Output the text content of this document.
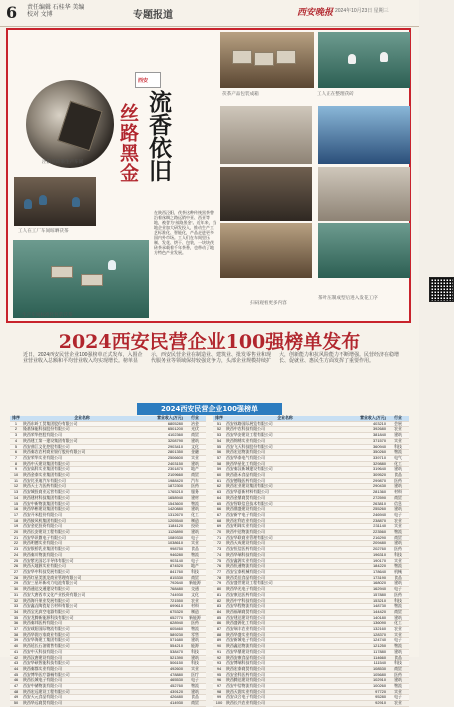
6 责任编辑 石桂华 美编
校对 文博	专题报道	西安晚报 2024年10月23日 星期三
泾阳茯砖茶生产车间
西安
丝路黑金 流香依旧
工人在工厂车间晾晒茯茶
生产车间标准化包装茯茶
在陕西泾阳，茯茶这种传统黑茶曾沿着丝绸之路远销中亚、西亚等地，被誉为“丝路黑金”。近年来，当地企业加大研发投入，推动生产工艺标准化、智能化，产品走进更多国内外市场。工人们在车间里压制、发花、烘干、包装，一块块茯砖茶承载着千年茶香，也带动了地方特色产业发展。
茯茶产品包装成箱	工人正在整理茯砖
扫码观看更多内容
茶叶压制成型后进入发花工序
2024西安民营企业100强榜单发布
近日，2024西安民营企业100强榜单正式发布，入围企业营业收入总额和平均营业收入均实现增长。榜单显示，西安民营企业在制造业、建筑业、批发零售业和现代服务业等领域保持较强竞争力，头部企业规模持续扩大，创新能力和抗风险能力不断增强。民营经济在稳增长、促就业、惠民生方面发挥了重要作用。
2024西安民营企业100强榜单
排序	企业名称	营业收入(万元)	行业
1	陕西东岭工贸集团股份有限公司	6805280	冶金
2	隆基绿能科技股份有限公司	6501200	光伏
3	陕西荣华控股有限公司	4102360	商贸
4	陕西建工第一建设集团有限公司	3208790	建筑
5	西安曲江文化控股有限公司	2903410	文化
6	陕西秦农农村商业银行股份有限公司	2801350	金融
7	西安荣华实业有限公司	2506600	实业
8	陕西中天建设集团有限公司	2403150	建筑
9	西安高科实业集团有限公司	2301870	地产
10	陕西金泰实业集团有限公司	2109660	商贸
11	西安比亚迪汽车有限公司	1988420	汽车
12	陕西天士力医药有限公司	1872300	医药
13	西安城投商业运营有限公司	1765210	服务
14	陕西建材科技集团有限公司	1658940	建材
15	西安中新物流集团有限公司	1543600	物流
16	陕西华彬建设集团有限公司	1420880	建筑
17	西安开米股份有限公司	1312670	化工
18	陕西鼓风机集团有限公司	1205540	制造
19	西安金花投资有限公司	1184120	投资
20	陕西长安建设工程有限公司	1126890	建筑
21	西安华讯微电子有限公司	1089330	电子
22	陕西明德实业有限公司	1038610	实业
23	西安银桥乳业集团有限公司	998750	食品
24	陕西秦川物流有限公司	946280	物流
25	西安紫光国芯半导体有限公司	903140	电子
26	陕西天地源实业有限公司	874520	地产
27	西安华中科技发展有限公司	841760	科技
28	陕西红星美凯龙商业管理有限公司	815330	商贸
29	西安三星环新动力电池有限公司	792640	新能源
30	陕西通达交通建设有限公司	768480	交通
31	西安大唐西市文化产业投资有限公司	744930	文化
32	陕西海升果业发展有限公司	721550	农业
33	西安鑫垚陶瓷复合材料有限公司	699610	材料
34	陕西宝光真空电器有限公司	675320	制造
35	西安龙腾新能源科技有限公司	652770	新能源
36	陕西秦邦医药有限公司	628940	医药
37	西安咸阳国际物流有限公司	605460	物流
38	陕西华润万家商业有限公司	589230	零售
39	西安华海建工集团有限公司	571680	建筑
40	陕西延长石油销售有限公司	554210	能源
41	西安中天科技有限公司	538470	科技
42	陕西汉唐建设有限公司	521390	建筑
43	西安华硕智能科技有限公司	506150	科技
44	陕西秦都实业有限公司	492600	实业
45	西安博华医疗器械有限公司	478880	医疗
46	陕西长城电子有限公司	465530	电子
47	西安中储物流有限公司	452760	物流
48	陕西宏远建设工程有限公司	439120	建筑
49	西安天元食品有限公司	426480	食品
50	陕西华远商贸有限公司	414930	商贸
排序	企业名称	营业收入(万元)	行业
51	西安丝路国际展览有限公司	403210	会展
52	陕西中农科技有限公司	392680	农业
53	西安华安建设工程有限公司	381840	建筑
54	陕西锦绣实业有限公司	371570	实业
55	西安飞天科技股份有限公司	360940	科技
56	陕西宏达物流有限公司	350260	物流
57	西安华泰电气有限公司	339710	电气
58	陕西华星化工有限公司	329880	化工
59	西安秦汉新城建设有限公司	319640	建筑
60	陕西嘉禾食品有限公司	309520	食品
61	西安德隆医药有限公司	299870	医药
62	陕西宏业建设集团有限公司	290430	建筑
63	西安华夏新材料有限公司	281360	材料
64	陕西金鼎商贸有限公司	272590	商贸
65	西安智联信息技术有限公司	263810	信息
66	陕西鼎盛建设有限公司	255260	建筑
67	西安新宇电子有限公司	246940	电子
68	陕西宏利农业有限公司	238870	农业
69	西安明珠实业有限公司	231140	实业
70	陕西中达物流有限公司	223560	物流
71	西安华联商业管理有限公司	216290	商贸
72	陕西天成建设有限公司	209480	建筑
73	西安恒信医药有限公司	202760	医药
74	陕西华瑞科技有限公司	196310	科技
75	西安鑫源实业有限公司	190170	实业
76	陕西恒通物流有限公司	184220	物流
77	西安宝泰机械有限公司	178640	机械
78	陕西美佳食品有限公司	173190	食品
79	西安盛世建设工程有限公司	168020	建筑
80	陕西华光电子有限公司	162940	电子
81	西安康达医药有限公司	157880	医药
82	陕西中宇科技有限公司	153210	科技
83	西安华程物流有限公司	148730	物流
84	陕西福瑞商贸有限公司	144420	商贸
85	西安建达建设有限公司	140180	建筑
86	陕西盛源化工有限公司	136090	化工
87	西安瑞丰农业有限公司	132160	农业
88	陕西华盛实业有限公司	128370	实业
89	西安新城电子有限公司	124740	电子
90	陕西鑫达物流有限公司	121250	物流
91	西安华鼎建设有限公司	117880	建筑
92	陕西安康食品有限公司	114660	食品
93	西安博瑞科技有限公司	111540	科技
94	陕西宏泰商贸有限公司	108530	商贸
95	西安金科医药有限公司	105680	医药
96	陕西腾达建设有限公司	102910	建筑
97	西安中信物流有限公司	100260	物流
98	陕西天润实业有限公司	97720	实业
99	西安众合电子有限公司	95280	电子
100	陕西长兴农业有限公司	92910	农业
